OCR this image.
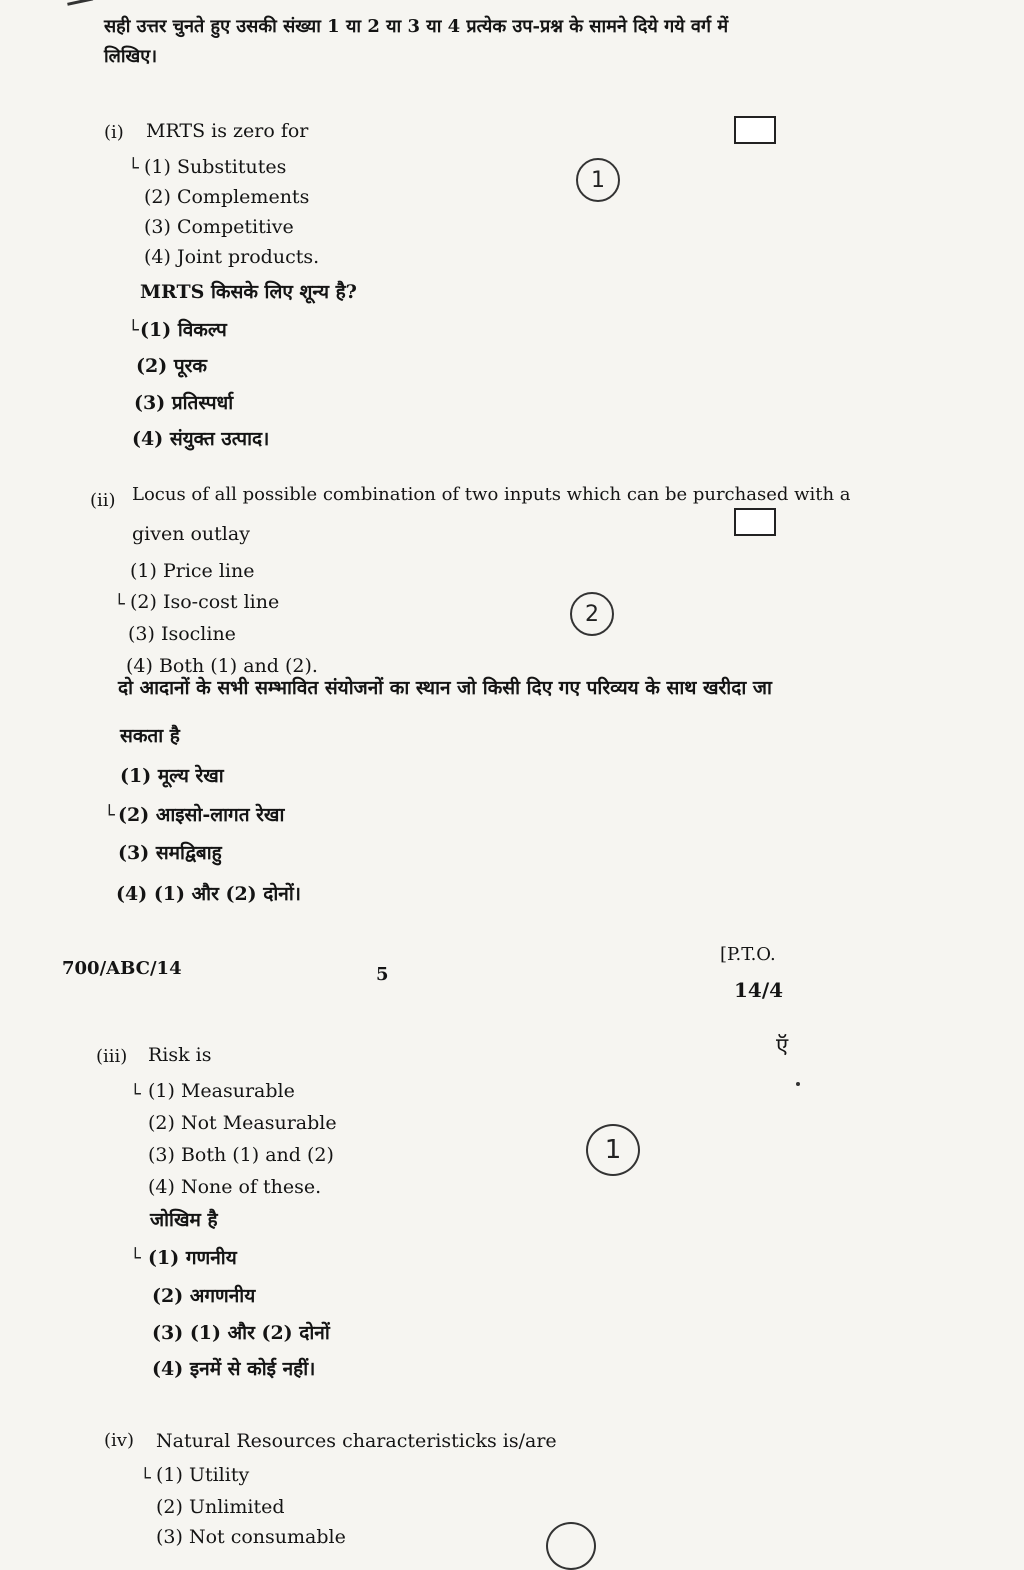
सही उत्तर चुनते हुए उसकी संख्या 1 या 2 या 3 या 4 प्रत्येक उप-प्रश्न के सामने दिये गये वर्ग में
लिखिए।
(i) MRTS is zero for
└ (1) Substitutes
(2) Complements
(3) Competitive
(4) Joint products.
1
MRTS किसके लिए शून्य है?
└ (1) विकल्प
(2) पूरक
(3) प्रतिस्पर्धा
(4) संयुक्त उत्पाद।
(ii) Locus of all possible combination of two inputs which can be purchased with a
given outlay
(1) Price line
└ (2) Iso-cost line
(3) Isocline
(4) Both (1) and (2).
2
दो आदानों के सभी सम्भावित संयोजनों का स्थान जो किसी दिए गए परिव्यय के साथ खरीदा जा
सकता है
(1) मूल्य रेखा
└ (2) आइसो-लागत रेखा
(3) समद्विबाहु
(4) (1) और (2) दोनों।
700/ABC/14	5
[P.T.O.
14/4
(iii) Risk is	ऍ
└ (1) Measurable
(2) Not Measurable
(3) Both (1) and (2)
(4) None of these.
1
जोखिम है
└ (1) गणनीय
(2) अगणनीय
(3) (1) और (2) दोनों
(4) इनमें से कोई नहीं।
(iv) Natural Resources characteristicks is/are
└ (1) Utility
(2) Unlimited
(3) Not consumable
